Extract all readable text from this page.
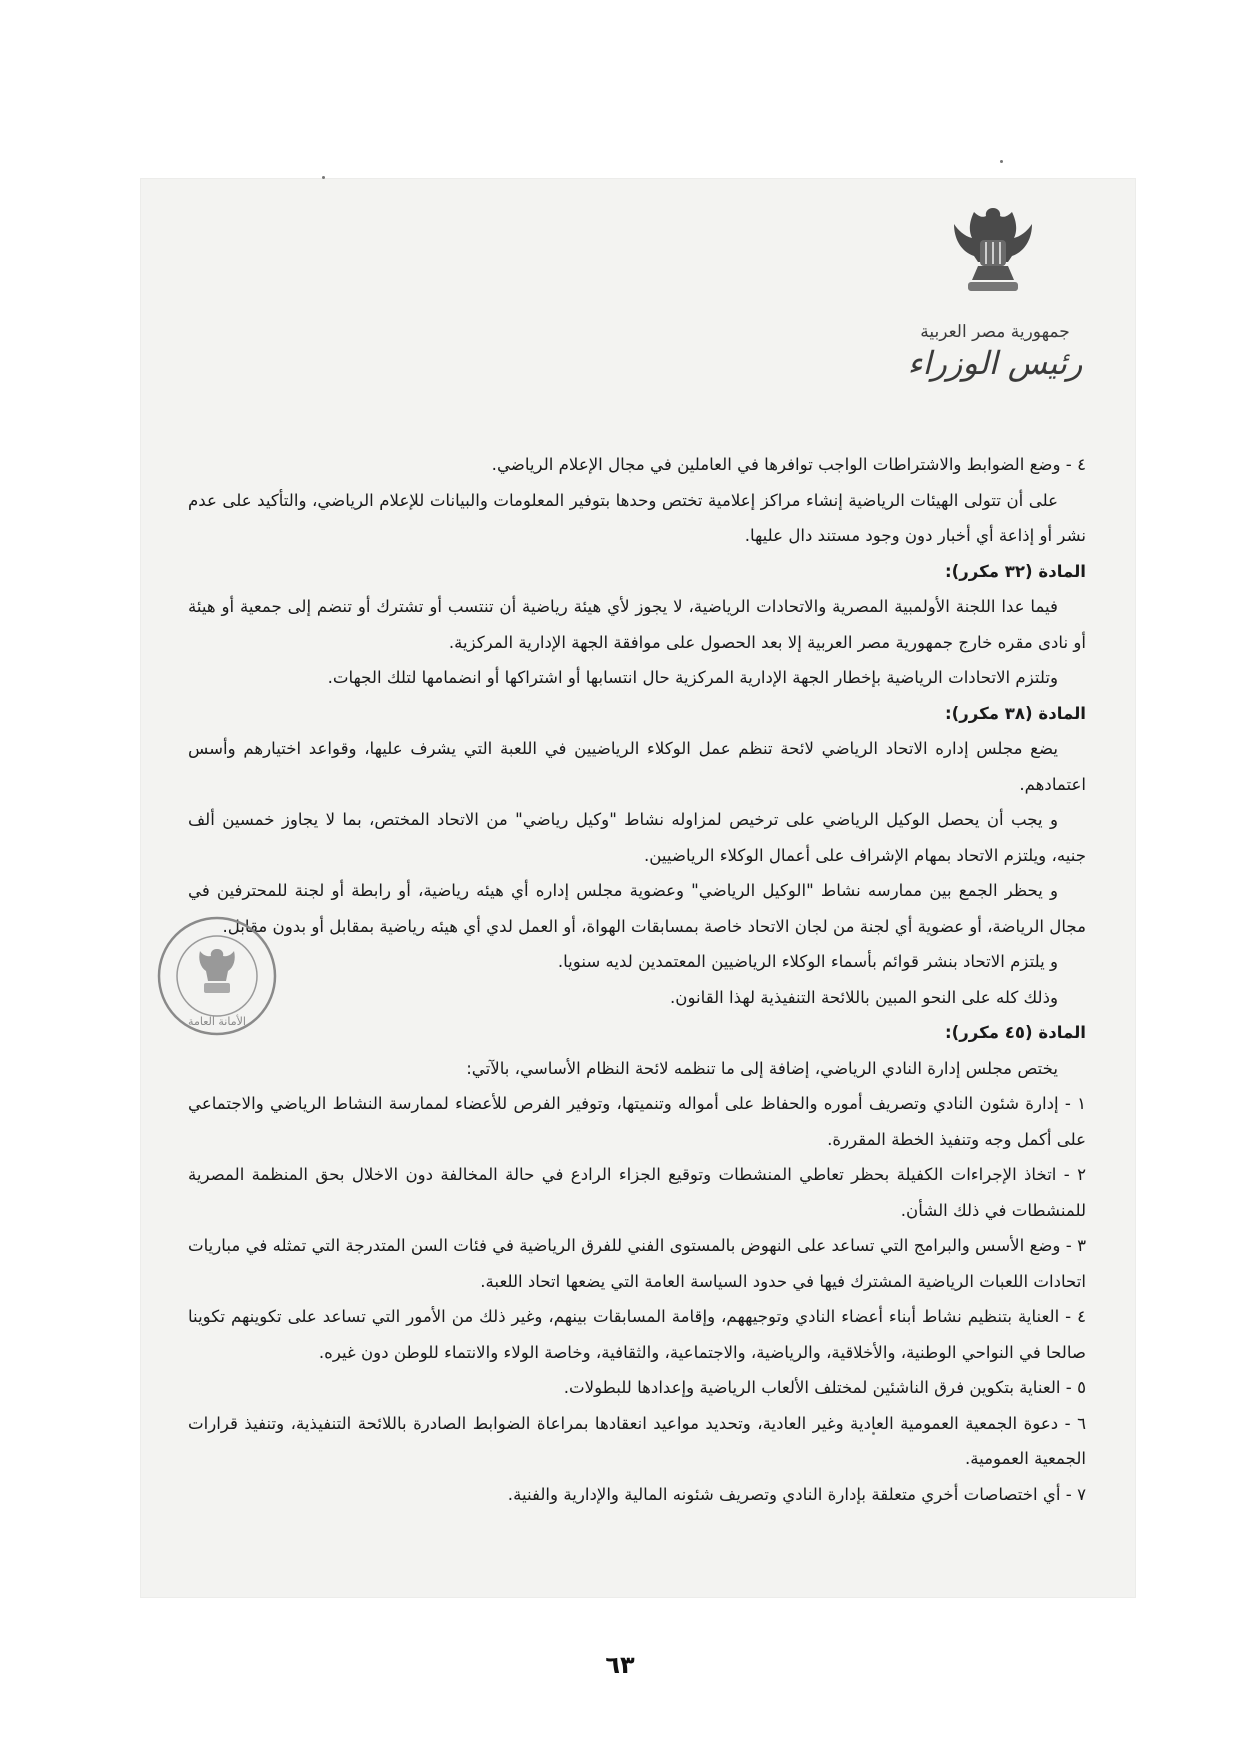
جمهورية مصر العربية
رئيس الوزراء

٤ - وضع الضوابط والاشتراطات الواجب توافرها في العاملين في مجال الإعلام الرياضي.

على أن تتولى الهيئات الرياضية إنشاء مراكز إعلامية تختص وحدها بتوفير المعلومات والبيانات للإعلام الرياضي، والتأكيد على عدم نشر أو إذاعة أي أخبار دون وجود مستند دال عليها.

المادة (٣٢ مكرر):

فيما عدا اللجنة الأولمبية المصرية والاتحادات الرياضية، لا يجوز لأي هيئة رياضية أن تنتسب أو تشترك أو تنضم إلى جمعية أو هيئة أو نادى مقره خارج جمهورية مصر العربية إلا بعد الحصول على موافقة الجهة الإدارية المركزية.

وتلتزم الاتحادات الرياضية بإخطار الجهة الإدارية المركزية حال انتسابها أو اشتراكها أو انضمامها لتلك الجهات.

المادة (٣٨ مكرر):

يضع مجلس إداره الاتحاد الرياضي لائحة تنظم عمل الوكلاء الرياضيين في اللعبة التي يشرف عليها، وقواعد اختيارهم وأسس اعتمادهم.

و يجب أن يحصل الوكيل الرياضي على ترخيص لمزاوله نشاط "وكيل رياضي" من الاتحاد المختص، بما لا يجاوز خمسين ألف جنيه، ويلتزم الاتحاد بمهام الإشراف على أعمال الوكلاء الرياضيين.

و يحظر الجمع بين ممارسه نشاط "الوكيل الرياضي" وعضوية مجلس إداره أي هيئه رياضية، أو رابطة أو لجنة للمحترفين في مجال الرياضة، أو عضوية أي لجنة من لجان الاتحاد خاصة بمسابقات الهواة، أو العمل لدي أي هيئه رياضية بمقابل أو بدون مقابل.

و يلتزم الاتحاد بنشر قوائم بأسماء الوكلاء الرياضيين المعتمدين لديه سنويا.

وذلك كله على النحو المبين باللائحة التنفيذية لهذا القانون.

المادة (٤٥ مكرر):

يختص مجلس إدارة النادي الرياضي، إضافة إلى ما تنظمه لائحة النظام الأساسي، بالآتي:

١ - إدارة شئون النادي وتصريف أموره والحفاظ على أمواله وتنميتها، وتوفير الفرص للأعضاء لممارسة النشاط الرياضي والاجتماعي على أكمل وجه وتنفيذ الخطة المقررة.

٢ - اتخاذ الإجراءات الكفيلة بحظر تعاطي المنشطات وتوقيع الجزاء الرادع في حالة المخالفة دون الاخلال بحق المنظمة المصرية للمنشطات في ذلك الشأن.

٣ - وضع الأسس والبرامج التي تساعد على النهوض بالمستوى الفني للفرق الرياضية في فئات السن المتدرجة التي تمثله في مباريات اتحادات اللعبات الرياضية المشترك فيها في حدود السياسة العامة التي يضعها اتحاد اللعبة.

٤ - العناية بتنظيم نشاط أبناء أعضاء النادي وتوجيههم، وإقامة المسابقات بينهم، وغير ذلك من الأمور التي تساعد على تكوينهم تكوينا صالحا في النواحي الوطنية، والأخلاقية، والرياضية، والاجتماعية، والثقافية، وخاصة الولاء والانتماء للوطن دون غيره.

٥ - العناية بتكوين فرق الناشئين لمختلف الألعاب الرياضية وإعدادها للبطولات.

٦ - دعوة الجمعية العمومية العادية وغير العادية، وتحديد مواعيد انعقادها بمراعاة الضوابط الصادرة باللائحة التنفيذية، وتنفيذ قرارات الجمعية العمومية.

٧ - أي اختصاصات أخري متعلقة بإدارة النادي وتصريف شئونه المالية والإدارية والفنية.

الأمانة العامة
٦٣
